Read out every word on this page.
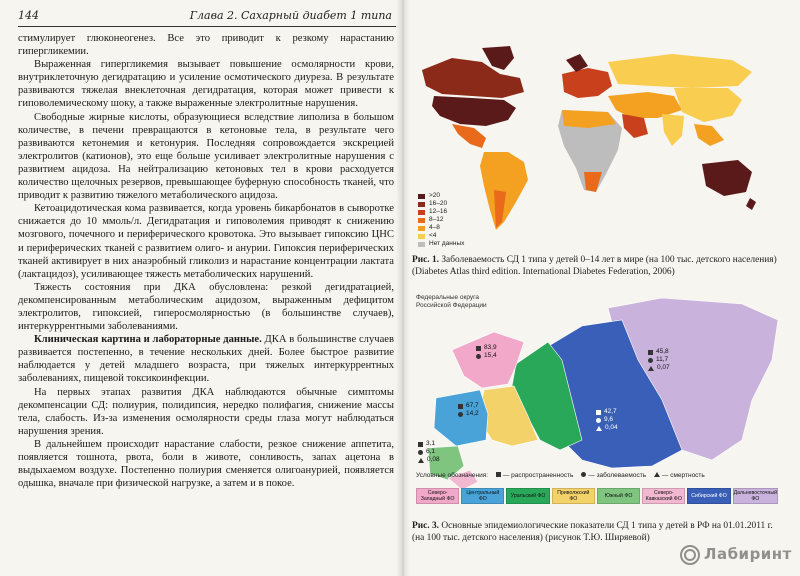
144	Глава 2. Сахарный диабет 1 типа

стимулирует глюконеогенез. Все это приводит к резкому нарастанию гипергликемии.

Выраженная гипергликемия вызывает повышение осмолярности крови, внутриклеточную дегидратацию и усиление осмотического диуреза. В результате развиваются тяжелая внеклеточная дегидратация, которая может привести к гиповолемическому шоку, а также выраженные электролитные нарушения.

Свободные жирные кислоты, образующиеся вследствие липолиза в большом количестве, в печени превращаются в кетоновые тела, в результате чего развиваются кетонемия и кетонурия. Последняя сопровождается экскрецией электролитов (катионов), это еще больше усиливает электролитные нарушения с развитием ацидоза. На нейтрализацию кетоновых тел в крови расходуется количество щелочных резервов, превышающее буферную способность тканей, что приводит к развитию тяжелого метаболического ацидоза.

Кетоацидотическая кома развивается, когда уровень бикарбонатов в сыворотке снижается до 10 ммоль/л. Дегидратация и гиповолемия приводят к снижению мозгового, почечного и периферического кровотока. Это вызывает гипоксию ЦНС и периферических тканей с развитием олиго- и анурии. Гипоксия периферических тканей активирует в них анаэробный гликолиз и нарастание концентрации лактата (лактацидоз), усиливающее тяжесть метаболических нарушений.

Тяжесть состояния при ДКА обусловлена: резкой дегидратацией, декомпенсированным метаболическим ацидозом, выраженным дефицитом электролитов, гипоксией, гиперосмолярностью (в большинстве случаев), интеркуррентными заболеваниями.

Клиническая картина и лабораторные данные. ДКА в большинстве случаев развивается постепенно, в течение нескольких дней. Более быстрое развитие наблюдается у детей младшего возраста, при тяжелых интеркуррентных заболеваниях, пищевой токсикоинфекции.

На первых этапах развития ДКА наблюдаются обычные симптомы декомпенсации СД: полиурия, полидипсия, нередко полифагия, снижение массы тела, слабость. Из-за изменения осмолярности среды глаза могут наблюдаться нарушения зрения.

В дальнейшем происходит нарастание слабости, резкое снижение аппетита, появляется тошнота, рвота, боли в животе, сонливость, запах ацетона в выдыхаемом воздухе. Постепенно полиурия сменяется олигоанурией, появляется одышка, вначале при физической нагрузке, а затем и в покое.

>20
16–20
12–16
8–12
4–8
<4
Нет данных
Рис. 1. Заболеваемость СД 1 типа у детей 0–14 лет в мире (на 100 тыс. детского населения) (Diabetes Atlas third edition. International Diabetes Federation, 2006)
Федеральные округа
Российской Федерации
45,8
11,7
0,07
42,7
9,6
0,04
83,9
15,4
67,7
14,2
3,1
6,1
0,08
Условные обозначения:	— распространенность	— заболеваемость	— смертность
Северо-Западный ФО
Центральный ФО	Уральский ФО	Приволжский ФО	Южный ФО	Северо-Кавказский ФО	Сибирский ФО	Дальневосточный ФО
Рис. 3. Основные эпидемиологические показатели СД 1 типа у детей в РФ на 01.01.2011 г. (на 100 тыс. детского населения) (рисунок Т.Ю. Ширяевой)
Лабиринт
